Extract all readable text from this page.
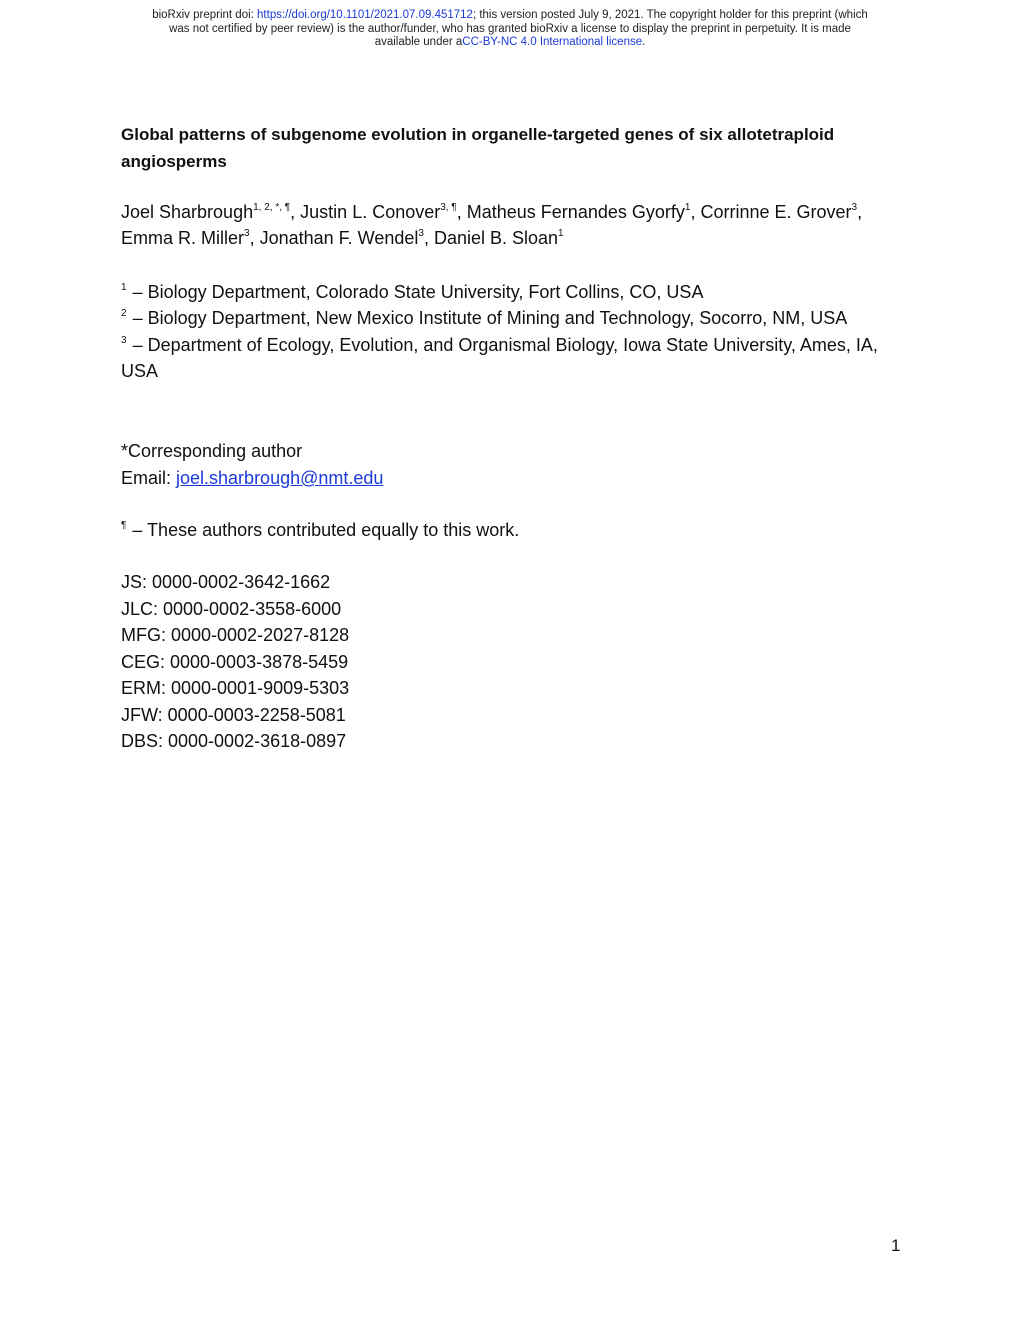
bioRxiv preprint doi: https://doi.org/10.1101/2021.07.09.451712; this version posted July 9, 2021. The copyright holder for this preprint (which
was not certified by peer review) is the author/funder, who has granted bioRxiv a license to display the preprint in perpetuity. It is made
available under aCC-BY-NC 4.0 International license.
Global patterns of subgenome evolution in organelle-targeted genes of six allotetraploid angiosperms
Joel Sharbrough$^{1, 2, *, \P}$, Justin L. Conover$^{3, \P}$, Matheus Fernandes Gyorfy$^1$, Corrinne E. Grover$^3$, Emma R. Miller$^3$, Jonathan F. Wendel$^3$, Daniel B. Sloan$^1$
$^1$ – Biology Department, Colorado State University, Fort Collins, CO, USA
$^2$ – Biology Department, New Mexico Institute of Mining and Technology, Socorro, NM, USA
$^3$ – Department of Ecology, Evolution, and Organismal Biology, Iowa State University, Ames, IA, USA
*Corresponding author
Email: joel.sharbrough@nmt.edu
¶ – These authors contributed equally to this work.
JS: 0000-0002-3642-1662
JLC: 0000-0002-3558-6000
MFG: 0000-0002-2027-8128
CEG: 0000-0003-3878-5459
ERM: 0000-0001-9009-5303
JFW: 0000-0003-2258-5081
DBS: 0000-0002-3618-0897
1
